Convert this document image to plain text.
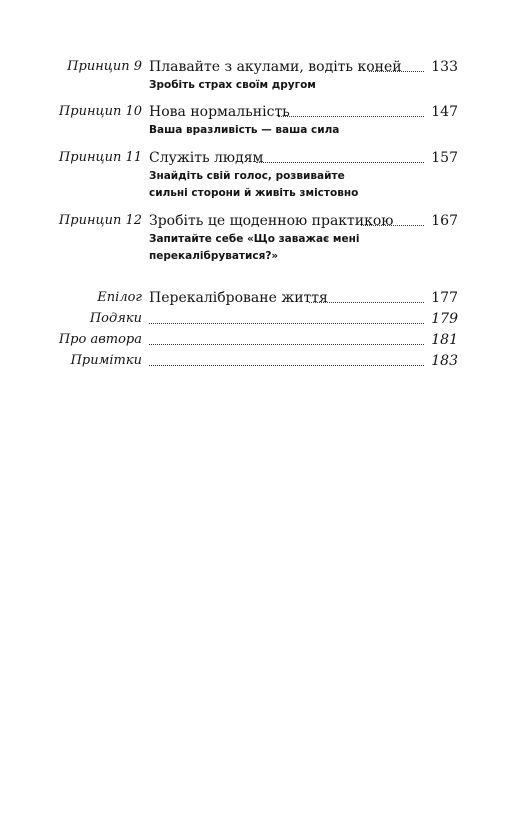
Принцип 9 Плавайте з акулами, водіть коней 133
Зробіть страх своїм другом
Принцип 10 Нова нормальність	147
Ваша вразливість — ваша сила
Принцип 11 Служіть людям	157
Знайдіть свій голос, розвивайте
сильні сторони й живіть змістовно
Принцип 12 Зробіть це щоденною практикою	167
Запитайте себе «Що заважає мені
перекалібруватися?»
Епілог Перекаліброване життя	177
Подяки	179
Про автора	181
Примітки	183
